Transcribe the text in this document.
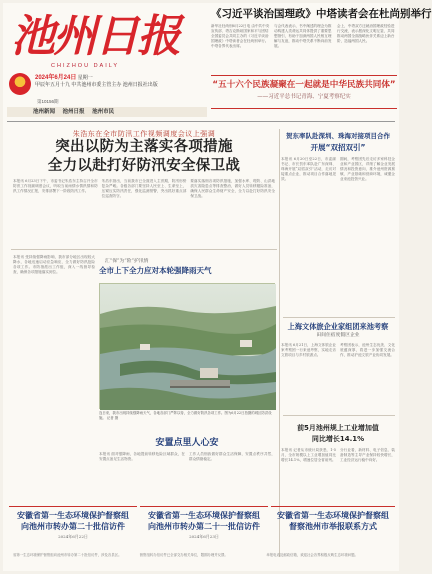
池州日报
CHIZHOU DAILY
2024年6月24日 星期一
甲辰年五月十九 中共池州市委主管主办 池州日报社出版
第10156期
池州新闻 池州日报 池州市民
《习近平谈治国理政》中塔读者会在杜尚别举行
新华社杜尚别6月22日电 由中共中央宣传部、塔吉克斯坦国家和平与团结全国委员会共同主办的《习近平谈治国理政》中塔读者会在杜尚别举行。中塔各界代表出席。
与会代表表示，书中阐述的理念为推动构建人类命运共同体提供了重要思想指引，有助于加深两国人民相互理解与友谊，推动中塔关系不断向前发展。
会上，中塔双方还就治国理政经验进行交流，表示愿深化文明互鉴，共同推动两国全面战略伙伴关系迈上新台阶，造福两国人民。
“五十六个民族凝聚在一起就是中华民族共同体”
——习近平总书记青海、宁夏考察纪实
朱浩东在全市防汛工作视频调度会议上强调
突出以防为主落实各项措施
全力以赴打好防汛安全保卫战
本报讯 6月23日下午，市委书记朱浩东主持召开全市防汛工作视频调度会议，听取当前雨情水情汛情和防汛工作情况汇报，安排部署下一阶段防汛工作。
朱浩东指出，当前我市已全面进入主汛期，防汛形势复杂严峻。各级各部门要坚持人民至上、生命至上，压紧压实防汛责任，强化监测预警，突出抓好重点部位巡查防守。
要落实落细各项防汛措施，加强水库、堤防、山洪地质灾害隐患点等排查整治，做好人员转移避险准备，确保人民群众生命财产安全，全力以赴打好防汛安全保卫战。
贺东率队赴深圳、珠海对接项目合作
开展“双招双引”
本报讯 6月20日至22日，市委副书记、市长贺东率队赴广东深圳、珠海开展“双招双引”活动，走访对接重点企业，推动项目合作落地见效。
期间，考察团先后走访多家科技企业和产业园区，详细了解企业发展情况和投资意向，推介池州资源禀赋、产业基础和营商环境，诚邀企业来池投资兴业。
上海文体旅企业家组团来池考察
田间住宿度假区企业
本报讯 6月21日，上海文体旅企业家考察团一行来池考察，实地走访文旅项目与乡村旅游点。
考察团表示，池州生态优美、文化底蕴深厚，将进一步加强交流合作，推动沪池文旅产业协同发展。
前5月池州规上工业增加值
同比增长14.1%
本报讯 记者从市统计局获悉，1-5月，全市规模以上工业增加值同比增长14.1%，增速位居全省前列。
分行业看，新材料、电子信息、装备制造等主导产业保持较快增长，工业经济运行稳中向好。
本报讯 受持续强降雨影响，我市部分地区出现较大降水，各地迅速启动应急响应，全力做好防汛抢险各项工作。市防指派出工作组，深入一线督导检查，确保各项措施落实到位。
汇“保”为“险”护汛情
全市上下全力应对本轮强降雨天气
连日来，我市出现持续强降雨天气，各地各部门严阵以待，全力做好防汛各项工作。图为6月22日拍摄的城区防洪设施。 记者 摄
安置点里人心安
本报讯 面对强降雨，各地提前转移危险区域群众，在安置点备足生活物资。
工作人员细致做好群众生活保障，安置点秩序井然，群众情绪稳定。
安徽省第一生态环境保护督察组
向池州市转办第二十批信访件
2024年6月22日
安徽省第一生态环境保护督察组
向池州市转办第二十一批信访件
2024年6月23日
安徽省第一生态环境保护督察组
督察池州市举报联系方式
省第一生态环境保护督察组向池州市转办第二十批信访件，涉及各县区。	督察组转办信访件已全部交办相关单位，限期办理并反馈。	举报电话及邮政信箱，欢迎社会各界积极反映生态环境问题。
